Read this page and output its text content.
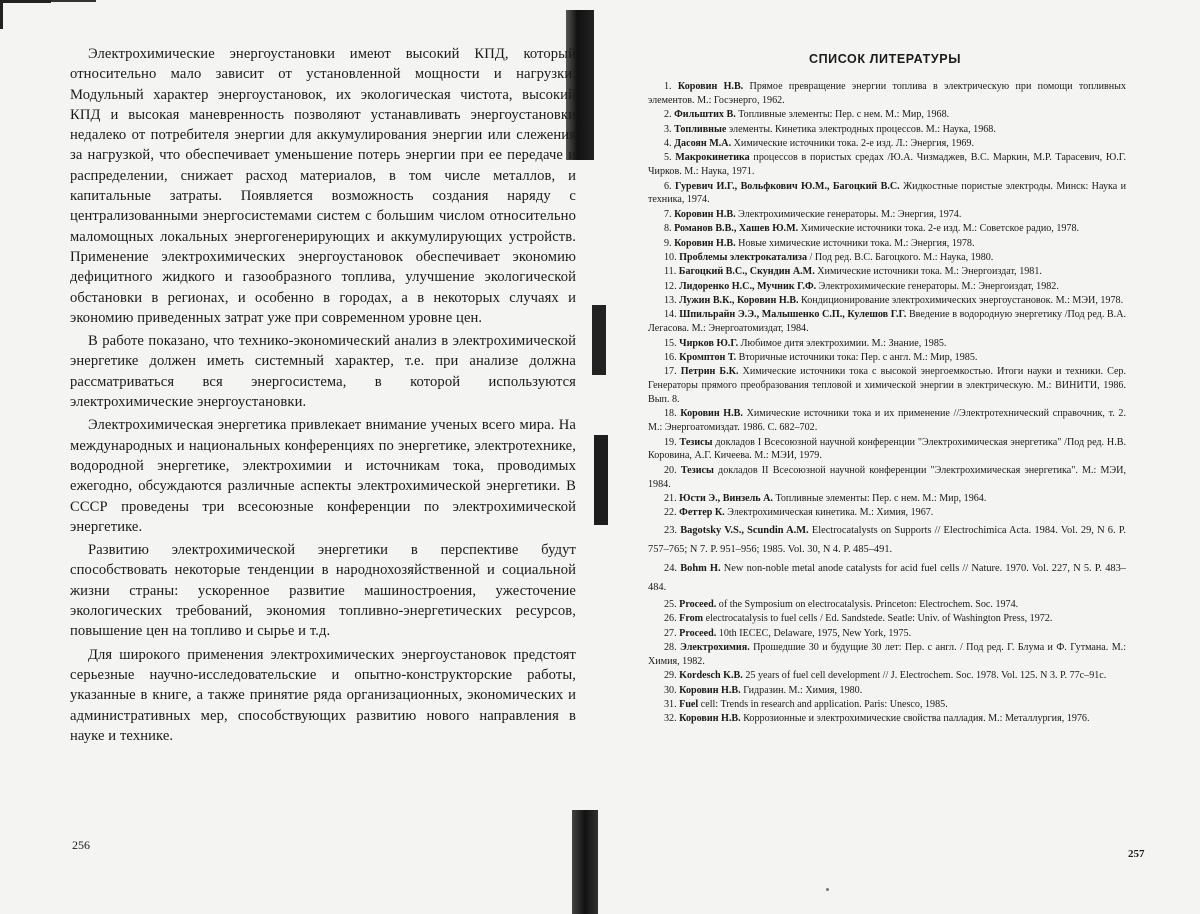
Электрохимические энергоустановки имеют высокий КПД, который относительно мало зависит от установленной мощности и нагрузки. Модульный характер энергоустановок, их экологическая чистота, высокий КПД и высокая маневренность позволяют устанавливать энергоустановки недалеко от потребителя энергии для аккумулирования энергии или слежения за нагрузкой, что обеспечивает уменьшение потерь энергии при ее передаче и распределении, снижает расход материалов, в том числе металлов, и капитальные затраты. Появляется возможность создания наряду с централизованными энергосистемами систем с большим числом относительно маломощных локальных энергогенерирующих и аккумулирующих устройств. Применение электрохимических энергоустановок обеспечивает экономию дефицитного жидкого и газообразного топлива, улучшение экологической обстановки в регионах, и особенно в городах, а в некоторых случаях и экономию приведенных затрат уже при современном уровне цен.

В работе показано, что технико-экономический анализ в электрохимической энергетике должен иметь системный характер, т.е. при анализе должна рассматриваться вся энергосистема, в которой используются электрохимические энергоустановки.

Электрохимическая энергетика привлекает внимание ученых всего мира. На международных и национальных конференциях по энергетике, электротехнике, водородной энергетике, электрохимии и источникам тока, проводимых ежегодно, обсуждаются различные аспекты электрохимической энергетики. В СССР проведены три всесоюзные конференции по электрохимической энергетике.

Развитию электрохимической энергетики в перспективе будут способствовать некоторые тенденции в народнохозяйственной и социальной жизни страны: ускоренное развитие машиностроения, ужесточение экологических требований, экономия топливно-энергетических ресурсов, повышение цен на топливо и сырье и т.д.

Для широкого применения электрохимических энергоустановок предстоят серьезные научно-исследовательские и опытно-конструкторские работы, указанные в книге, а также принятие ряда организационных, экономических и административных мер, способствующих развитию нового направления в науке и технике.

256
СПИСОК ЛИТЕРАТУРЫ

1. Коровин Н.В. Прямое превращение энергии топлива в электрическую при помощи топливных элементов. М.: Госэнерго, 1962.

2. Фильштих В. Топливные элементы: Пер. с нем. М.: Мир, 1968.

3. Топливные элементы. Кинетика электродных процессов. М.: Наука, 1968.

4. Дасоян М.А. Химические источники тока. 2-е изд. Л.: Энергия, 1969.

5. Макрокинетика процессов в пористых средах /Ю.А. Чизмаджев, В.С. Маркин, М.Р. Тарасевич, Ю.Г. Чирков. М.: Наука, 1971.

6. Гуревич И.Г., Вольфкович Ю.М., Багоцкий В.С. Жидкостные пористые электроды. Минск: Наука и техника, 1974.

7. Коровин Н.В. Электрохимические генераторы. М.: Энергия, 1974.

8. Романов В.В., Хашев Ю.М. Химические источники тока. 2-е изд. М.: Советское радио, 1978.

9. Коровин Н.В. Новые химические источники тока. М.: Энергия, 1978.

10. Проблемы электрокатализа / Под ред. В.С. Багоцкого. М.: Наука, 1980.

11. Багоцкий В.С., Скундин А.М. Химические источники тока. М.: Энергоиздат, 1981.

12. Лидоренко Н.С., Мучник Г.Ф. Электрохимические генераторы. М.: Энергоиздат, 1982.

13. Лужин В.К., Коровин Н.В. Кондиционирование электрохимических энергоустановок. М.: МЭИ, 1978.

14. Шпильрайн Э.Э., Малышенко С.П., Кулешов Г.Г. Введение в водородную энергетику /Под ред. В.А. Легасова. М.: Энергоатомиздат, 1984.

15. Чирков Ю.Г. Любимое дитя электрохимии. М.: Знание, 1985.

16. Кромптон Т. Вторичные источники тока: Пер. с англ. М.: Мир, 1985.

17. Петрин Б.К. Химические источники тока с высокой энергоемкостью. Итоги науки и техники. Сер. Генераторы прямого преобразования тепловой и химической энергии в электрическую. М.: ВИНИТИ, 1986. Вып. 8.

18. Коровин Н.В. Химические источники тока и их применение //Электротехнический справочник, т. 2. М.: Энергоатомиздат. 1986. С. 682–702.

19. Тезисы докладов I Всесоюзной научной конференции "Электрохимическая энергетика" /Под ред. Н.В. Коровина, А.Г. Кичеева. М.: МЭИ, 1979.

20. Тезисы докладов II Всесоюзной научной конференции "Электрохимическая энергетика". М.: МЭИ, 1984.

21. Юсти Э., Винзель А. Топливные элементы: Пер. с нем. М.: Мир, 1964.

22. Феттер К. Электрохимическая кинетика. М.: Химия, 1967.

23. Bagotsky V.S., Scundin A.M. Electrocatalysts on Supports // Electrochimica Acta. 1984. Vol. 29, N 6. P. 757–765; N 7. P. 951–956; 1985. Vol. 30, N 4. P. 485–491.

24. Bohm H. New non-noble metal anode catalysts for acid fuel cells // Nature. 1970. Vol. 227, N 5. P. 483–484.

25. Proceed. of the Symposium on electrocatalysis. Princeton: Electrochem. Soc. 1974.

26. From electrocatalysis to fuel cells / Ed. Sandstede. Seatle: Univ. of Washington Press, 1972.

27. Proceed. 10th IECEC, Delaware, 1975, New York, 1975.

28. Электрохимия. Прошедшие 30 и будущие 30 лет: Пер. с англ. / Под ред. Г. Блума и Ф. Гутмана. М.: Химия, 1982.

29. Kordesch K.B. 25 years of fuel cell development // J. Electrochem. Soc. 1978. Vol. 125. N 3. P. 77c–91c.

30. Коровин Н.В. Гидразин. М.: Химия, 1980.

31. Fuel cell: Trends in research and application. Paris: Unesco, 1985.

32. Коровин Н.В. Коррозионные и электрохимические свойства палладия. М.: Металлургия, 1976.

257
